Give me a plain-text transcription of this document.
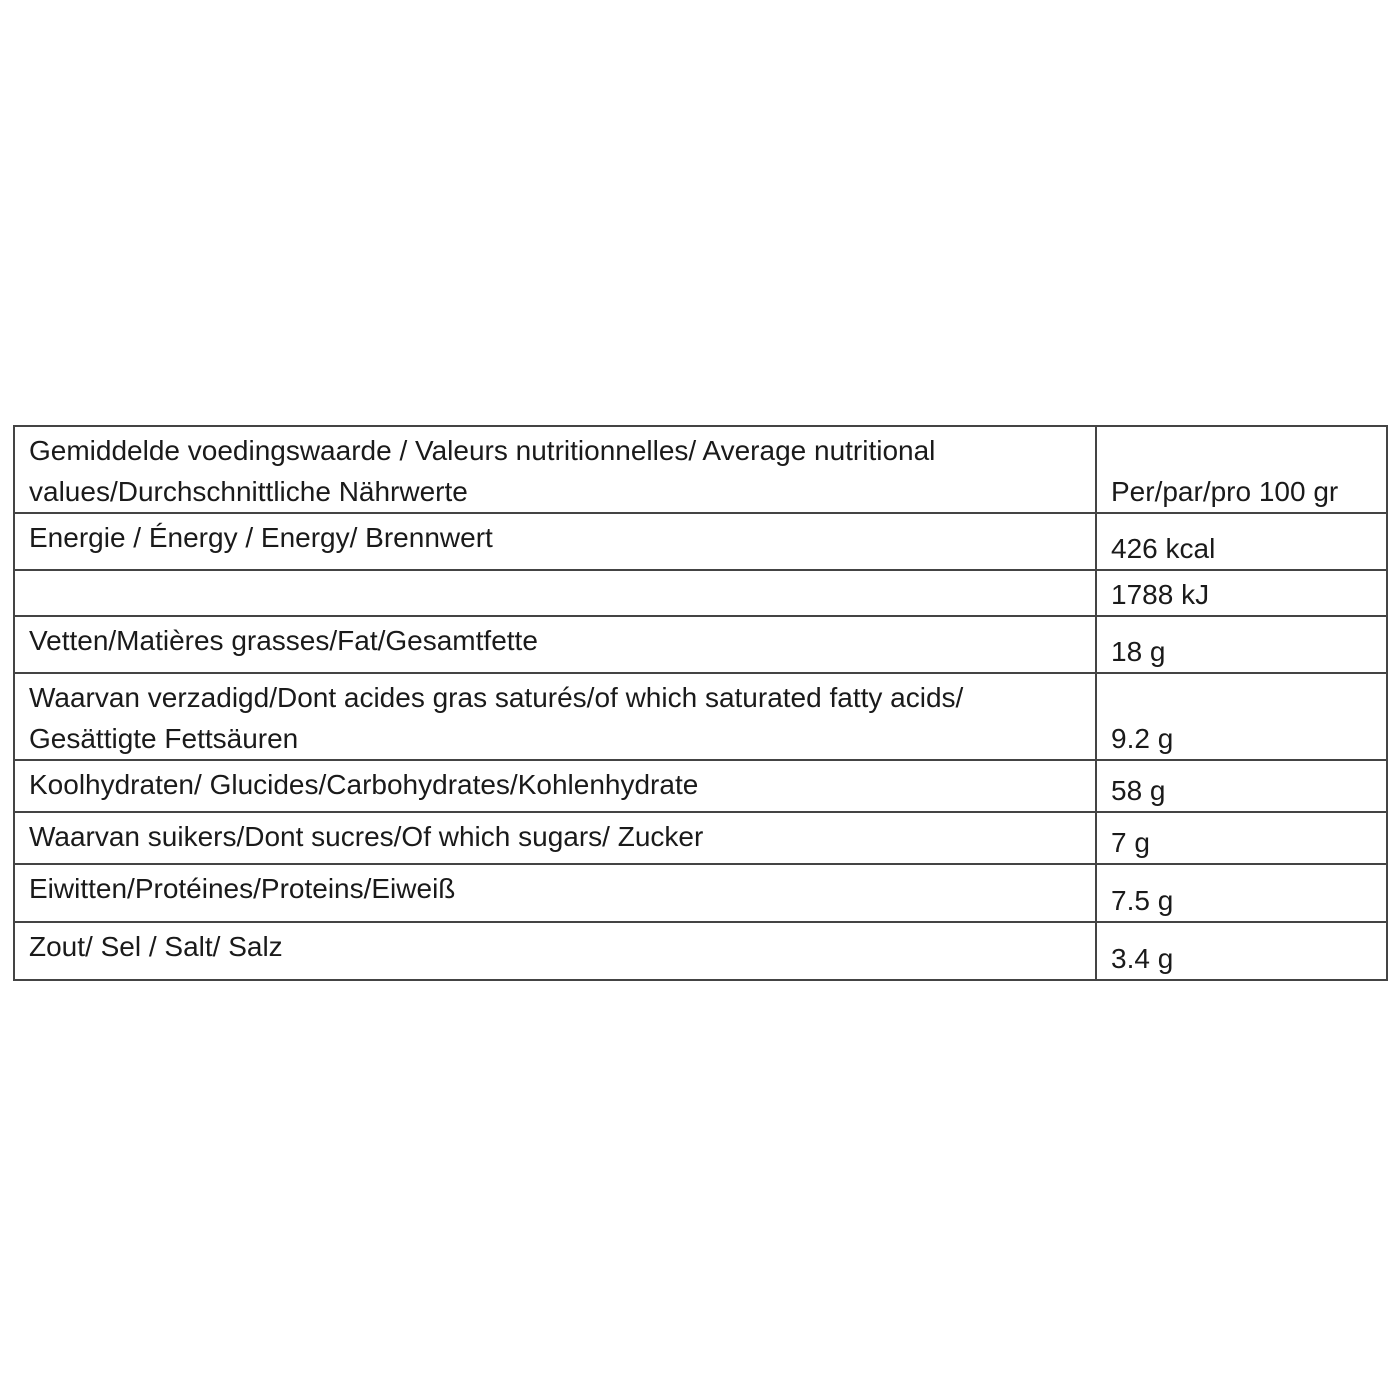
Gemiddelde voedingswaarde / Valeurs nutritionnelles/ Average nutritional
values/Durchschnittliche Nährwerte	Per/par/pro 100 gr
Energie / Énergy / Energy/ Brennwert	426 kcal
	1788 kJ
Vetten/Matières grasses/Fat/Gesamtfette	18 g

Waarvan verzadigd/Dont acides gras saturés/of which saturated fatty acids/
Gesättigte Fettsäuren	9.2 g
Koolhydraten/ Glucides/Carbohydrates/Kohlenhydrate	58 g
Waarvan suikers/Dont sucres/Of which sugars/ Zucker	7 g
Eiwitten/Protéines/Proteins/Eiweiß	7.5 g
Zout/ Sel / Salt/ Salz	3.4 g
